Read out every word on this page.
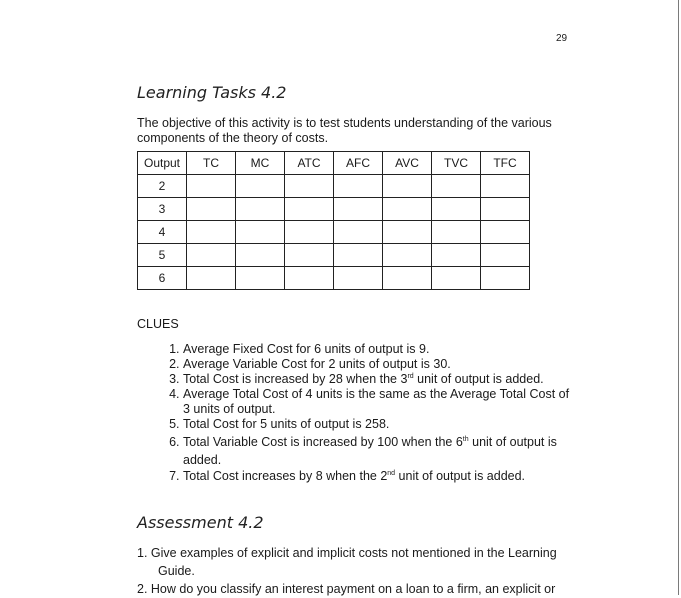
29
Learning Tasks 4.2
The objective of this activity is to test students understanding of the various components of the theory of costs.
Output	TC	MC	ATC	AFC	AVC	TVC	TFC
2							
3							
4							
5							
6							
CLUES
1. Average Fixed Cost for 6 units of output is 9.
2. Average Variable Cost for 2 units of output is 30.
3. Total Cost is increased by 28 when the 3rd unit of output is added.
4. Average Total Cost of 4 units is the same as the Average Total Cost of 3 units of output.
5. Total Cost for 5 units of output is 258.
6. Total Variable Cost is increased by 100 when the 6th unit of output is added.
7. Total Cost increases by 8 when the 2nd unit of output is added.
Assessment 4.2
1. Give examples of explicit and implicit costs not mentioned in the Learning Guide.
2. How do you classify an interest payment on a loan to a firm, an explicit or
